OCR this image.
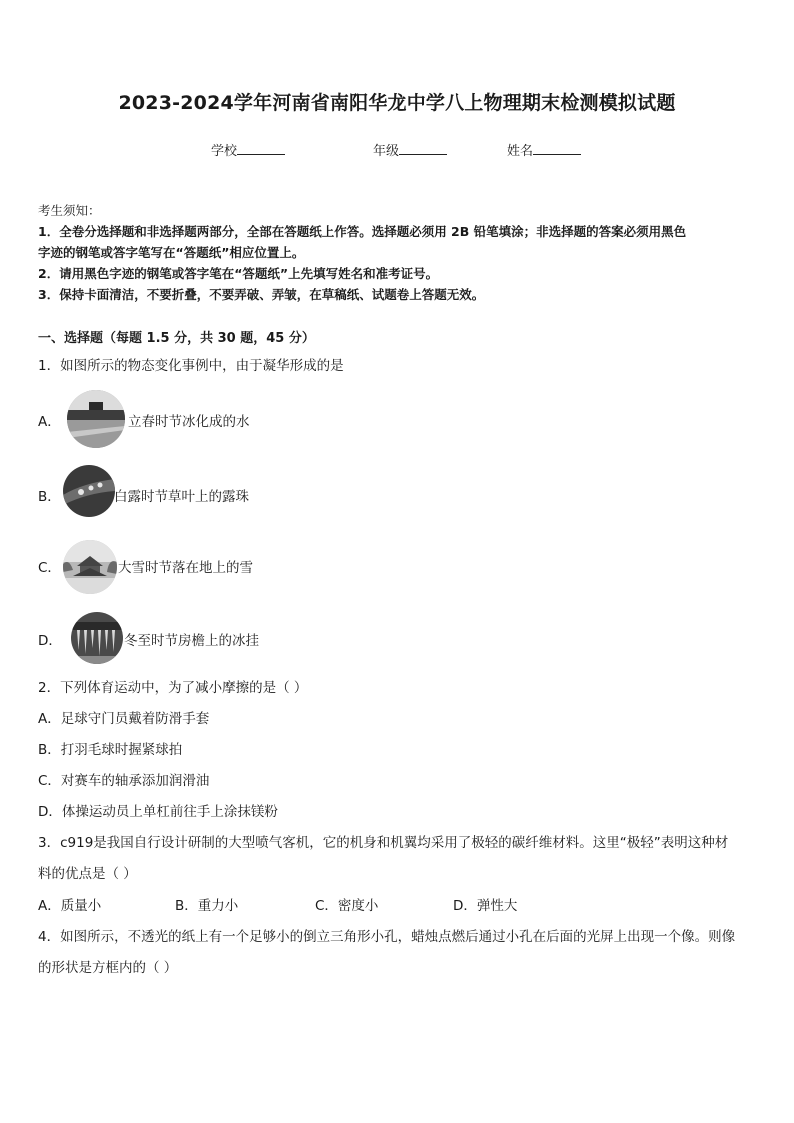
2023-2024学年河南省南阳华龙中学八上物理期末检测模拟试题
学校	年级	姓名
考生须知：
1．全卷分选择题和非选择题两部分，全部在答题纸上作答。选择题必须用 2B 铅笔填涂；非选择题的答案必须用黑色
字迹的钢笔或答字笔写在“答题纸”相应位置上。
2．请用黑色字迹的钢笔或答字笔在“答题纸”上先填写姓名和准考证号。
3．保持卡面清洁，不要折叠，不要弄破、弄皱，在草稿纸、试题卷上答题无效。
一、选择题（每题 1.5 分，共 30 题，45 分）
1．如图所示的物态变化事例中，由于凝华形成的是
A．	立春时节冰化成的水
B．	白露时节草叶上的露珠
C．	大雪时节落在地上的雪
D．	冬至时节房檐上的冰挂
2．下列体育运动中，为了减小摩擦的是（ ）
A．足球守门员戴着防滑手套
B．打羽毛球时握紧球拍
C．对赛车的轴承添加润滑油
D．体操运动员上单杠前往手上涂抹镁粉
3．c919是我国自行设计研制的大型喷气客机，它的机身和机翼均采用了极轻的碳纤维材料。这里“极轻”表明这种材
料的优点是（ ）
A．质量小	B．重力小	C．密度小	D．弹性大
4．如图所示，不透光的纸上有一个足够小的倒立三角形小孔，蜡烛点燃后通过小孔在后面的光屏上出现一个像。则像
的形状是方框内的（ ）
